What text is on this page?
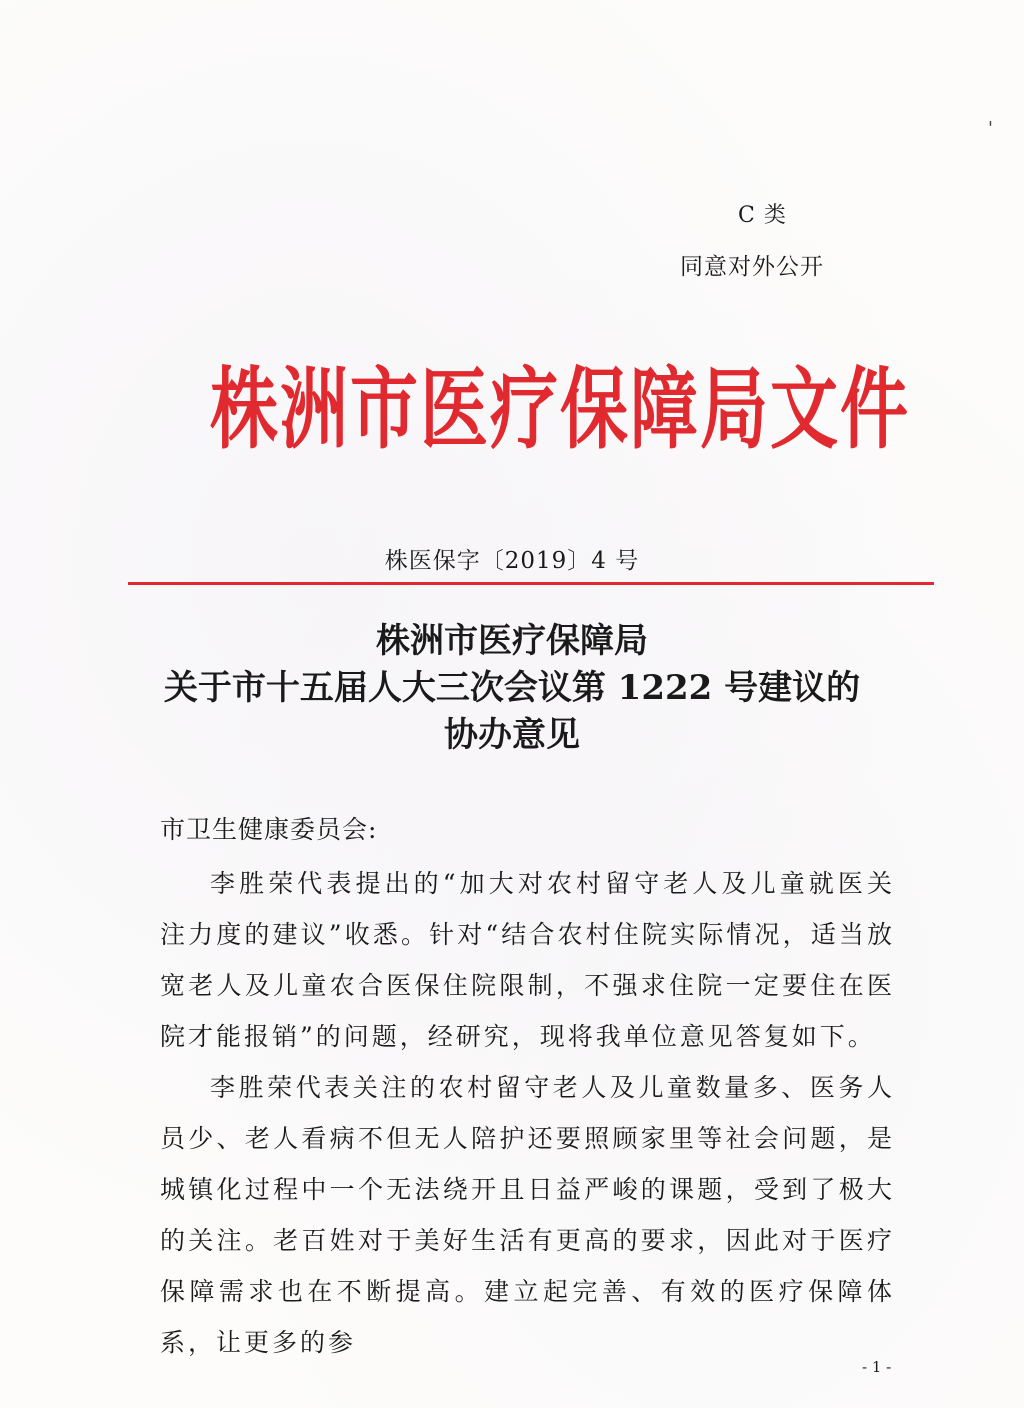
'
C 类
同意对外公开
株洲市医疗保障局文件
株医保字〔2019〕4 号
株洲市医疗保障局
关于市十五届人大三次会议第 1222 号建议的
协办意见
市卫生健康委员会:

李胜荣代表提出的“加大对农村留守老人及儿童就医关注力度的建议”收悉。针对“结合农村住院实际情况，适当放宽老人及儿童农合医保住院限制，不强求住院一定要住在医院才能报销”的问题，经研究，现将我单位意见答复如下。

李胜荣代表关注的农村留守老人及儿童数量多、医务人员少、老人看病不但无人陪护还要照顾家里等社会问题，是城镇化过程中一个无法绕开且日益严峻的课题，受到了极大的关注。老百姓对于美好生活有更高的要求，因此对于医疗保障需求也在不断提高。建立起完善、有效的医疗保障体系，让更多的参

- 1 -
